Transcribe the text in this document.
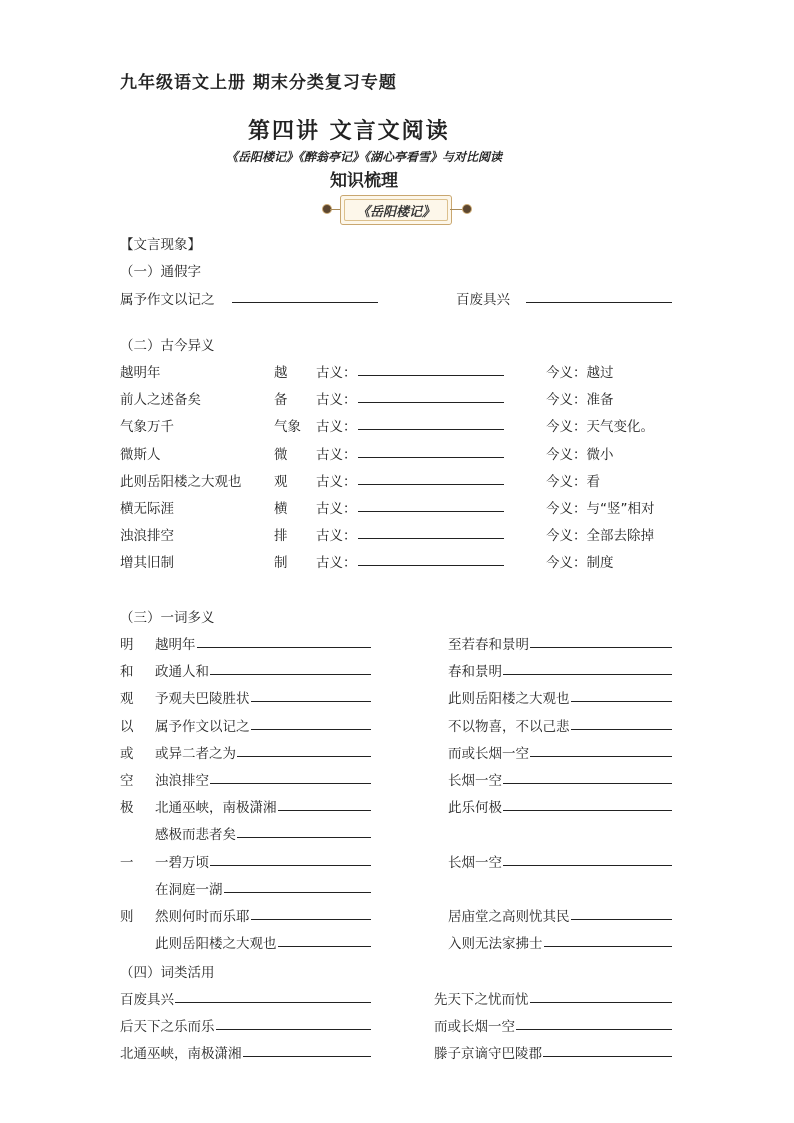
九年级语文上册 期末分类复习专题
第四讲 文言文阅读
《岳阳楼记》《醉翁亭记》《湖心亭看雪》与对比阅读
知识梳理
《岳阳楼记》
【文言现象】
（一）通假字
属予作文以记之	百废具兴
（二）古今异义
越明年	越 古义：	今义：越过
前人之述备矣	备 古义：	今义：准备
气象万千	气象 古义：	今义：天气变化。
微斯人	微 古义：	今义：微小
此则岳阳楼之大观也 观 古义：	今义：看
横无际涯	横 古义：	今义：与“竖”相对
浊浪排空	排 古义：	今义：全部去除掉
增其旧制	制 古义：	今义：制度
（三）一词多义
明 越明年	至若春和景明
和 政通人和	春和景明
观 予观夫巴陵胜状	此则岳阳楼之大观也
以 属予作文以记之	不以物喜，不以己悲
或 或异二者之为	而或长烟一空
空 浊浪排空	长烟一空
极 北通巫峡，南极潇湘	此乐何极
感极而悲者矣
一 一碧万顷	长烟一空
在洞庭一湖
则 然则何时而乐耶	居庙堂之高则忧其民
此则岳阳楼之大观也	入则无法家拂士
（四）词类活用
百废具兴	先天下之忧而忧
后天下之乐而乐	而或长烟一空
北通巫峡，南极潇湘	滕子京谪守巴陵郡
